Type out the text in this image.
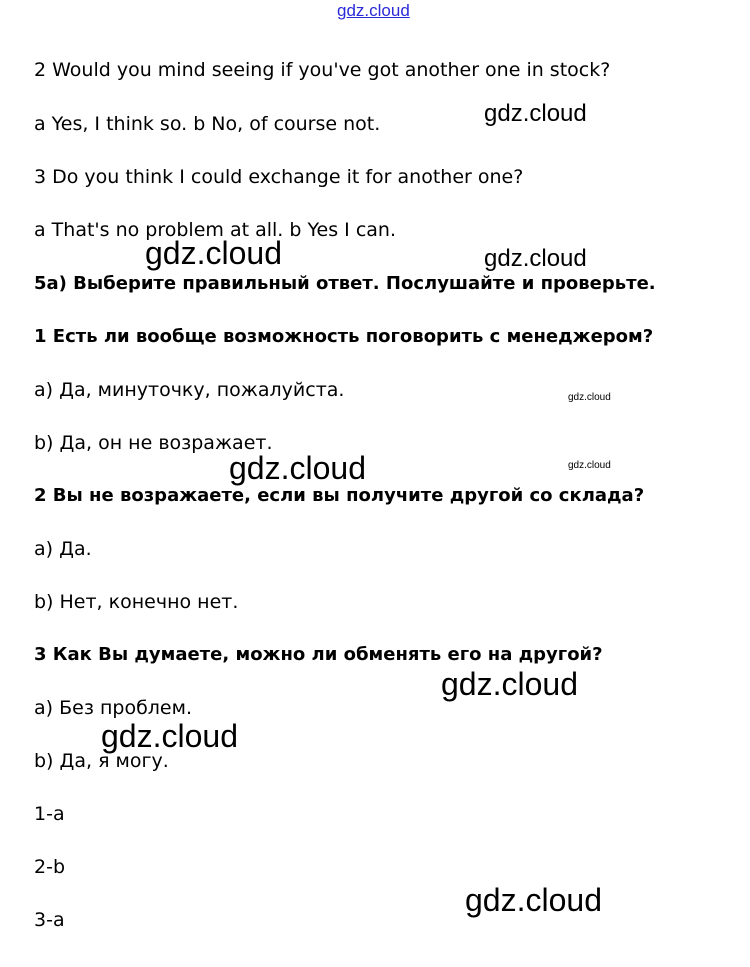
gdz.cloud
2 Would you mind seeing if you've got another one in stock?
a Yes, I think so. b No, of course not.
3 Do you think I could exchange it for another one?
a That's no problem at all. b Yes I can.
5а) Выберите правильный ответ. Послушайте и проверьте.
1 Есть ли вообще возможность поговорить с менеджером?
a) Да, минуточку, пожалуйста.
b) Да, он не возражает.
2 Вы не возражаете, если вы получите другой со склада?
a) Да.
b) Нет, конечно нет.
3 Как Вы думаете, можно ли обменять его на другой?
a) Без проблем.
b) Да, я могу.
1-a
2-b
3-a
gdz.cloud
gdz.cloud	gdz.cloud
gdz.cloud
gdz.cloud	gdz.cloud
gdz.cloud
gdz.cloud
gdz.cloud
